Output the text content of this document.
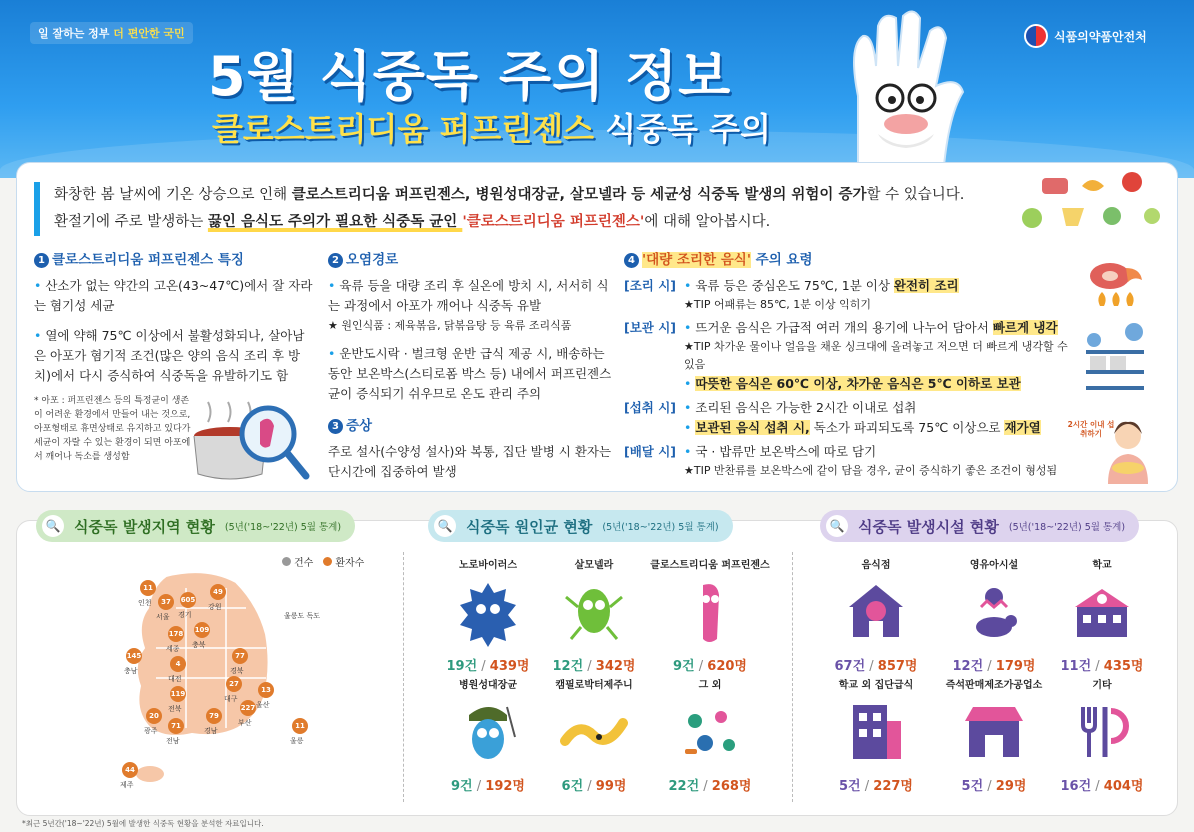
일 잘하는 정부 더 편안한 국민
5월 식중독 주의 정보
클로스트리디움 퍼프린젠스 식중독 주의
식품의약품안전처
화창한 봄 날씨에 기온 상승으로 인해 클로스트리디움 퍼프린젠스, 병원성대장균, 살모넬라 등 세균성 식중독 발생의 위험이 증가할 수 있습니다.
환절기에 주로 발생하는 끓인 음식도 주의가 필요한 식중독 균인 '클로스트리디움 퍼프린젠스'에 대해 알아봅시다.
1 클로스트리디움 퍼프린젠스 특징

• 산소가 없는 약간의 고온(43~47℃)에서 잘 자라는 혐기성 세균

• 열에 약해 75℃ 이상에서 불활성화되나, 살아남은 아포가 혐기적 조건(많은 양의 음식 조리 후 방치)에서 다시 증식하여 식중독을 유발하기도 함

* 아포 : 퍼프린젠스 등의 특정균이 생존이 어려운 환경에서 만들어 내는 것으로, 아포형태로 휴면상태로 유지하고 있다가 세균이 자랄 수 있는 환경이 되면 아포에서 깨어나 독소를 생성함
2 오염경로

• 육류 등을 대량 조리 후 실온에 방치 시, 서서히 식는 과정에서 아포가 깨어나 식중독 유발

★ 원인식품 : 제육볶음, 닭볶음탕 등 육류 조리식품

• 운반도시락 · 벌크형 운반 급식 제공 시, 배송하는 동안 보온박스(스티로폼 박스 등) 내에서 퍼프린젠스균이 증식되기 쉬우므로 온도 관리 주의

3 증상

주로 설사(수양성 설사)와 복통, 집단 발병 시 환자는 단시간에 집중하여 발생

4 '대량 조리한 음식' 주의 요령
[조리 시] • 육류 등은 중심온도 75℃, 1분 이상 완전히 조리
★TIP 어패류는 85℃, 1분 이상 익히기
[보관 시] • 뜨거운 음식은 가급적 여러 개의 용기에 나누어 담아서 빠르게 냉각
★TIP 차가운 물이나 얼음을 채운 싱크대에 올려놓고 저으면 더 빠르게 냉각할 수 있음
• 따뜻한 음식은 60℃ 이상, 차가운 음식은 5℃ 이하로 보관
[섭취 시] • 조리된 음식은 가능한 2시간 이내로 섭취
• 보관된 음식 섭취 시, 독소가 파괴되도록 75℃ 이상으로 재가열
[배달 시] • 국 · 밥류만 보온박스에 따로 담기
★TIP 반찬류를 보온박스에 같이 담을 경우, 균이 증식하기 좋은 조건이 형성됨
2시간 이내 섭취하기
🔍 식중독 발생지역 현황 (5년('18~'22년) 5월 통계)	🔍 식중독 원인균 현황 (5년('18~'22년) 5월 통계)	🔍 식중독 발생시설 현황 (5년('18~'22년) 5월 통계)
건수 환자수
11
인천	37
서울
605
경기
49
강원
178
세종
109
충북
145
충남
4
대전
77
경북
119
전북
27
대구
13
울산
20
광주
71
전남
79
경남
227
부산	11
울릉
44
제주
울릉도 독도
노로바이러스
19건 / 439명
살모넬라
12건 / 342명
클로스트리디움 퍼프린젠스
9건 / 620명
병원성대장균
9건 / 192명
캠필로박터제주니
6건 / 99명
그 외
22건 / 268명
음식점
67건 / 857명
영유아시설
12건 / 179명
학교
11건 / 435명
학교 외 집단급식
5건 / 227명
즉석판매제조가공업소
5건 / 29명
기타
16건 / 404명
*최근 5년간('18~'22년) 5월에 발생한 식중독 현황을 분석한 자료입니다.
